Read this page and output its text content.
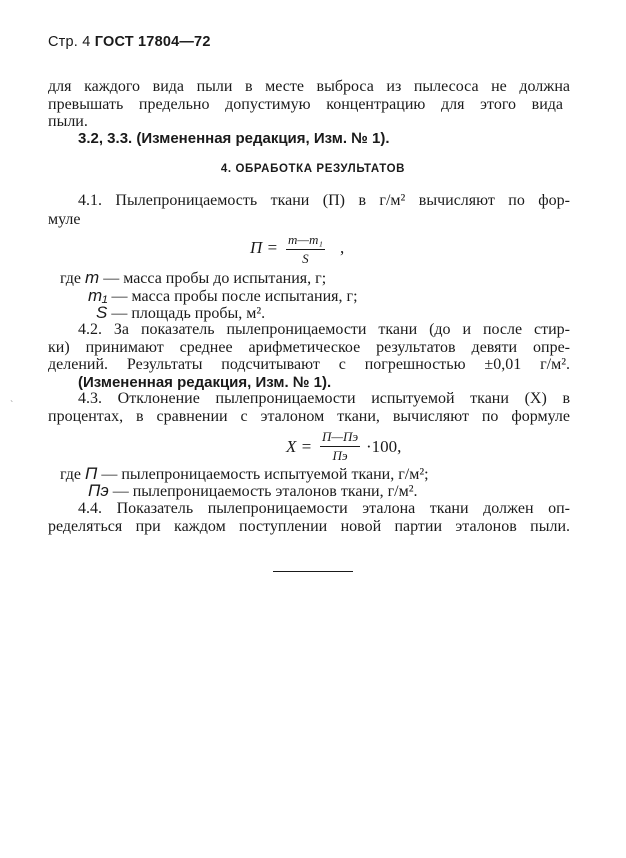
Стр. 4 ГОСТ 17804—72
для каждого вида пыли в месте выброса из пылесоса не должна
превышать предельно допустимую концентрацию для этого вида
пыли.
3.2, 3.3. (Измененная редакция, Изм. № 1).
4. ОБРАБОТКА РЕЗУЛЬТАТОВ
4.1. Пылепроницаемость ткани (П) в г/м² вычисляют по фор-
муле
$П = \frac{\text{m—m₁}}{S}$ ,
где m — масса пробы до испытания, г;
m₁ — масса пробы после испытания, г;
S — площадь пробы, м².
4.2. За показатель пылепроницаемости ткани (до и после стир-
ки) принимают среднее арифметическое результатов девяти опре-
делений. Результаты подсчитывают с погрешностью ±0,01 г/м².
(Измененная редакция, Изм. № 1).
4.3. Отклонение пылепроницаемости испытуемой ткани (X) в
процентах, в сравнении с эталоном ткани, вычисляют по формуле
`
X =
П—Пэ
Пэ	·100,
где П — пылепроницаемость испытуемой ткани, г/м²;
Пэ — пылепроницаемость эталонов ткани, г/м².
4.4. Показатель пылепроницаемости эталона ткани должен оп-
ределяться при каждом поступлении новой партии эталонов пыли.
